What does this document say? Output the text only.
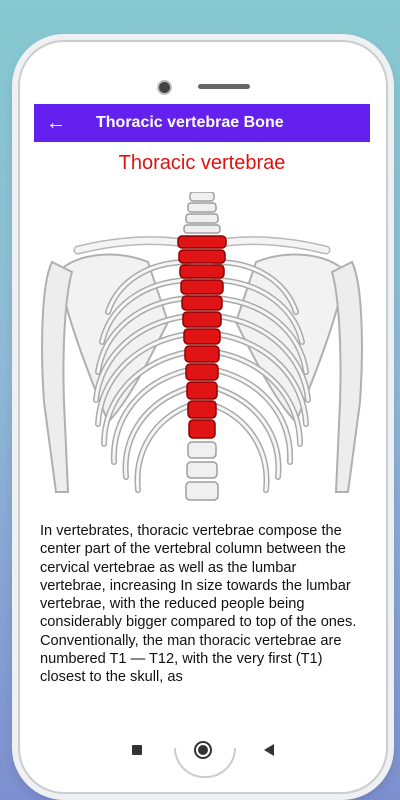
← Thoracic vertebrae Bone
Thoracic vertebrae
In vertebrates, thoracic vertebrae compose the center part of the vertebral column between the cervical vertebrae as well as the lumbar vertebrae, increasing In size towards the lumbar vertebrae, with the reduced people being considerably bigger compared to top of the ones. Conventionally, the man thoracic vertebrae are numbered T1 — T12, with the very first (T1) closest to the skull, as
